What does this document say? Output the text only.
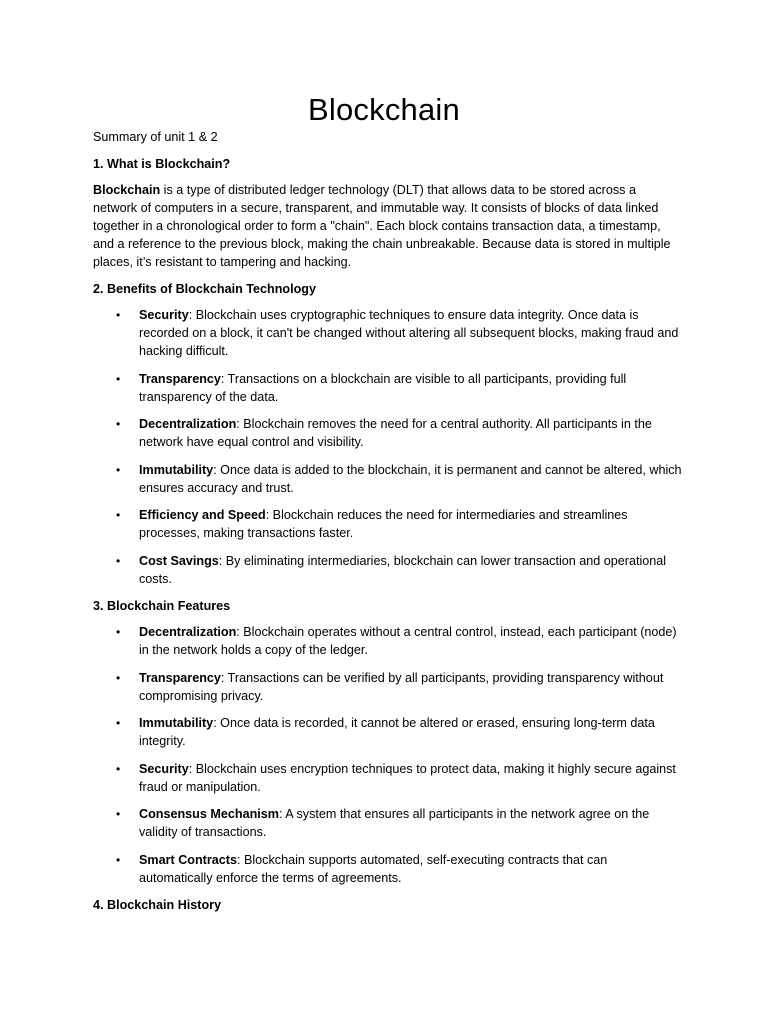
Blockchain

Summary of unit 1 & 2

1. What is Blockchain?

Blockchain is a type of distributed ledger technology (DLT) that allows data to be stored across a network of computers in a secure, transparent, and immutable way. It consists of blocks of data linked together in a chronological order to form a "chain". Each block contains transaction data, a timestamp, and a reference to the previous block, making the chain unbreakable. Because data is stored in multiple places, it’s resistant to tampering and hacking.

2. Benefits of Blockchain Technology

• Security: Blockchain uses cryptographic techniques to ensure data integrity. Once data is recorded on a block, it can't be changed without altering all subsequent blocks, making fraud and hacking difficult.
• Transparency: Transactions on a blockchain are visible to all participants, providing full transparency of the data.
• Decentralization: Blockchain removes the need for a central authority. All participants in the network have equal control and visibility.
• Immutability: Once data is added to the blockchain, it is permanent and cannot be altered, which ensures accuracy and trust.
• Efficiency and Speed: Blockchain reduces the need for intermediaries and streamlines processes, making transactions faster.
• Cost Savings: By eliminating intermediaries, blockchain can lower transaction and operational costs.

3. Blockchain Features

• Decentralization: Blockchain operates without a central control, instead, each participant (node) in the network holds a copy of the ledger.
• Transparency: Transactions can be verified by all participants, providing transparency without compromising privacy.
• Immutability: Once data is recorded, it cannot be altered or erased, ensuring long-term data integrity.
• Security: Blockchain uses encryption techniques to protect data, making it highly secure against fraud or manipulation.
• Consensus Mechanism: A system that ensures all participants in the network agree on the validity of transactions.
• Smart Contracts: Blockchain supports automated, self-executing contracts that can automatically enforce the terms of agreements.

4. Blockchain History
